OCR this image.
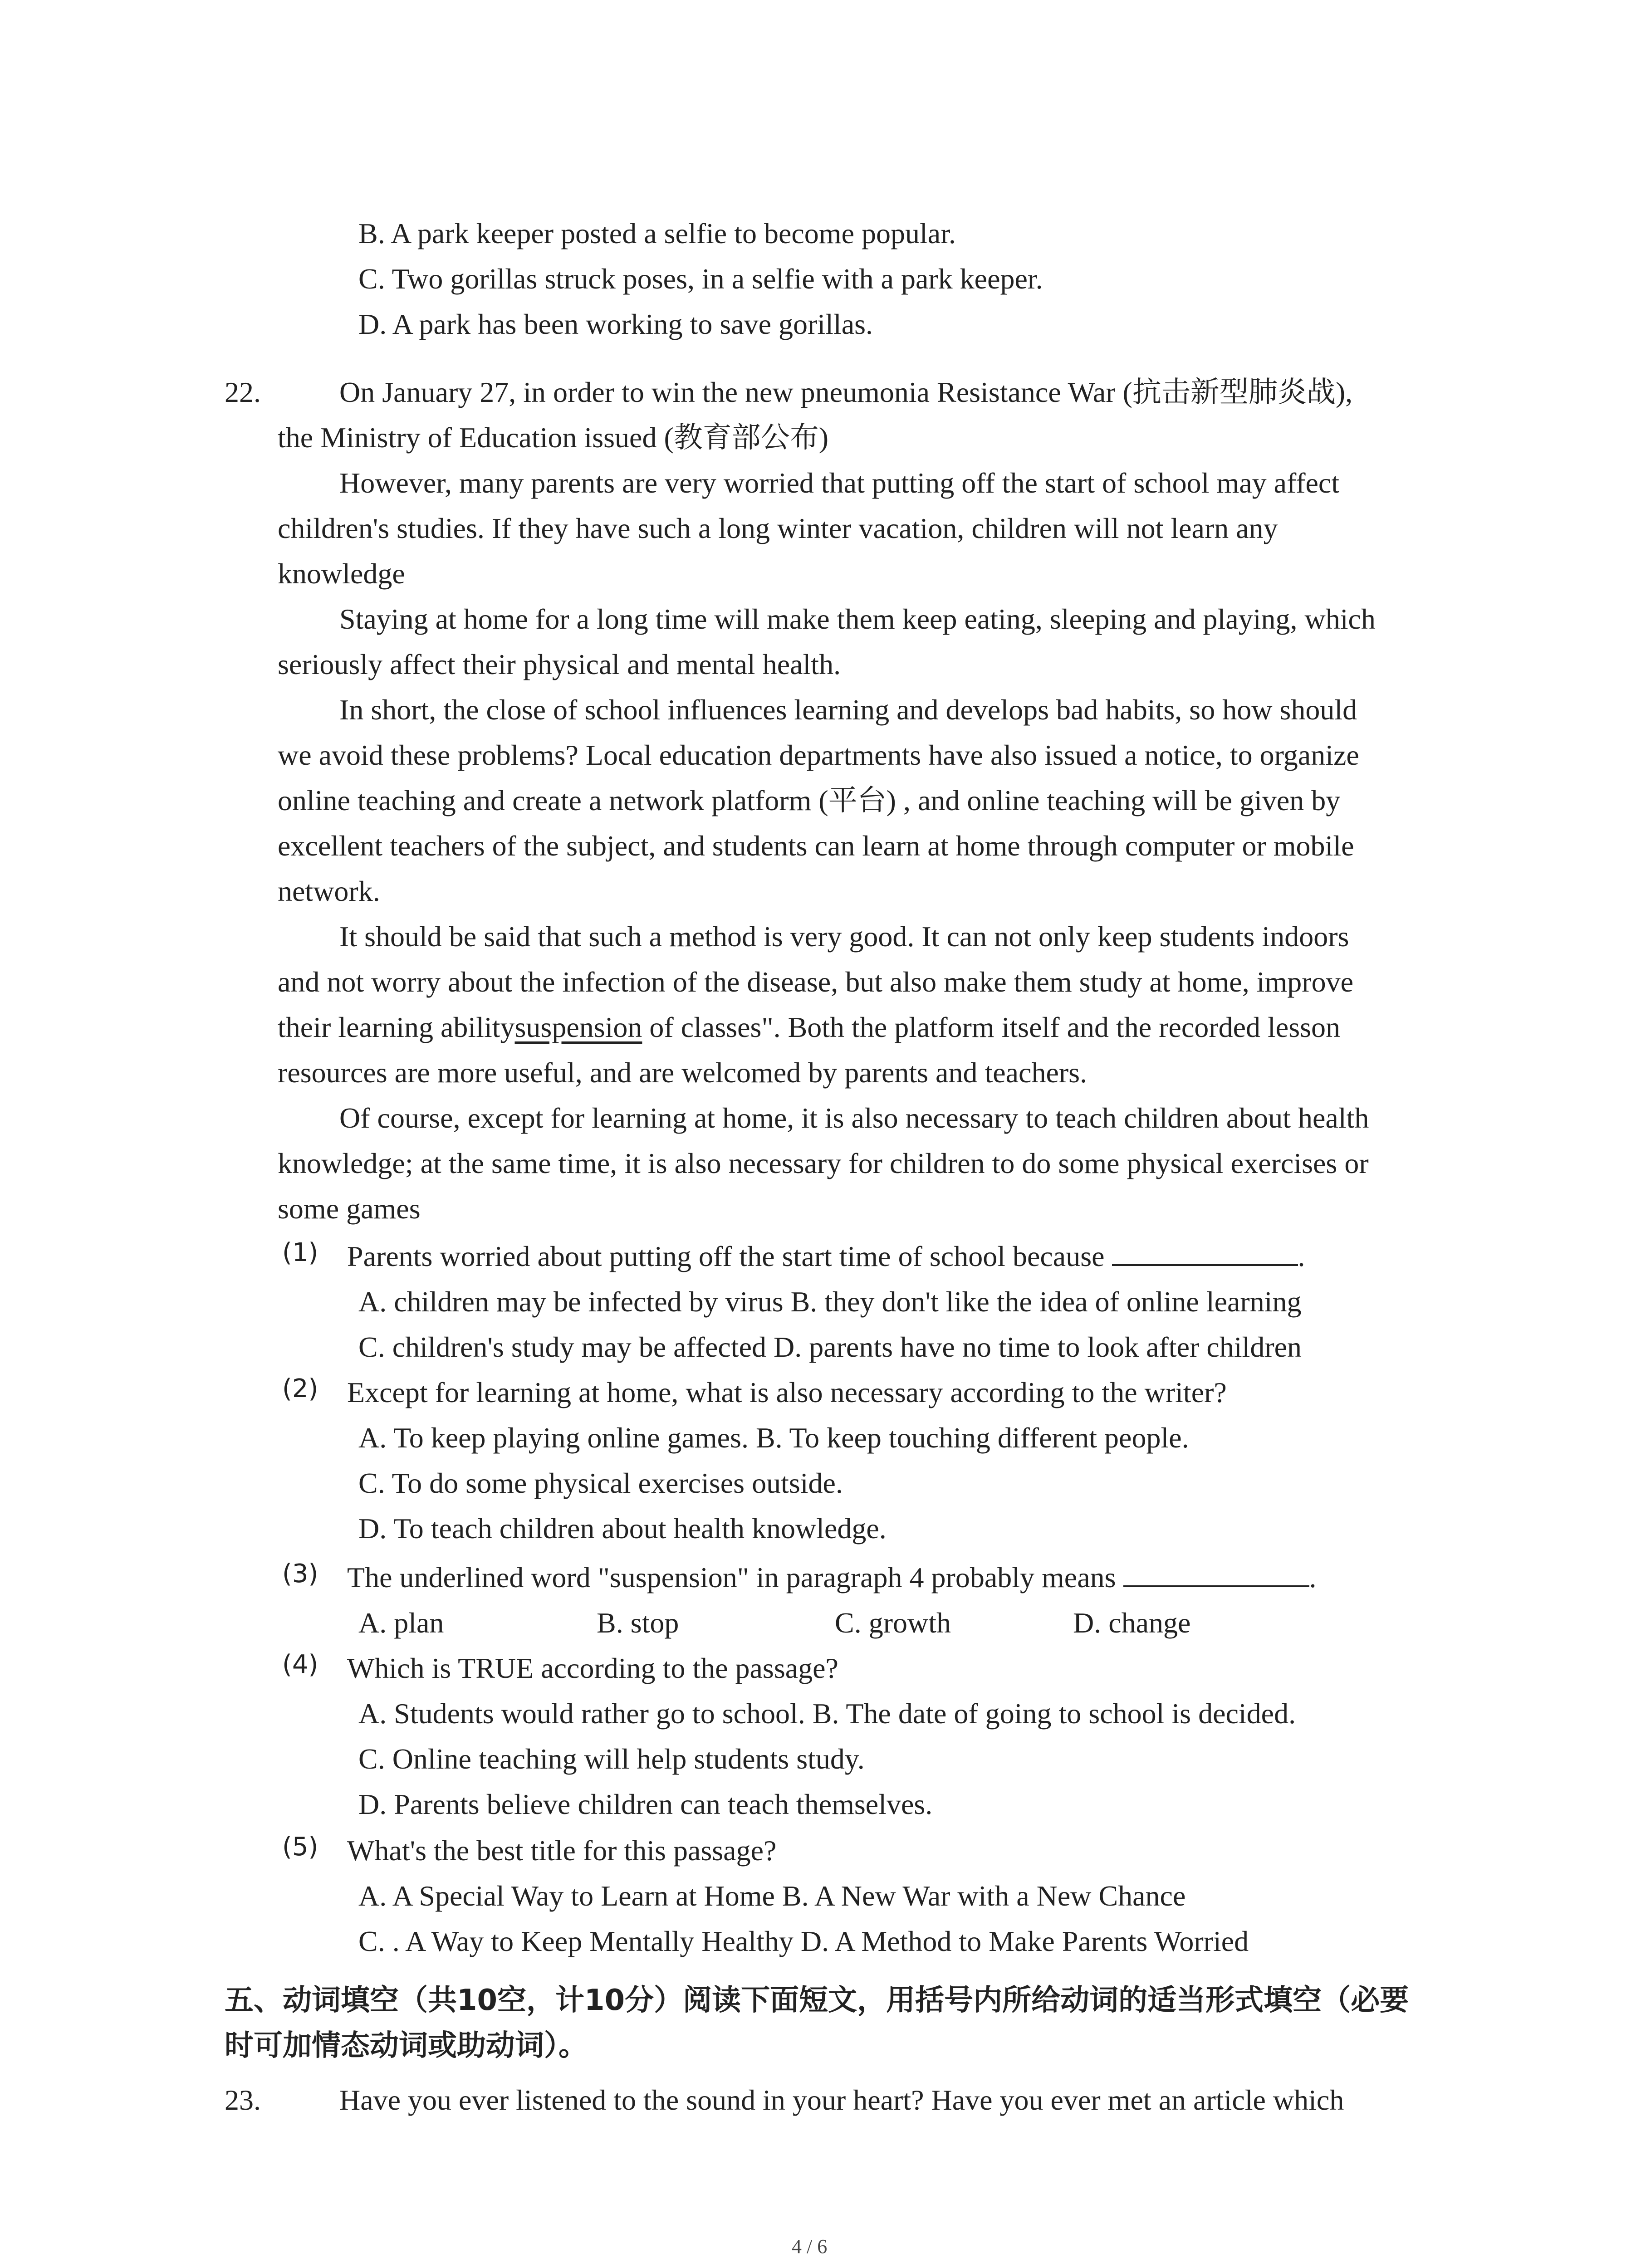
B. A park keeper posted a selfie to become popular.
C. Two gorillas struck poses, in a selfie with a park keeper.
D. A park has been working to save gorillas.
22.	On January 27, in order to win the new pneumonia Resistance War (抗击新型肺炎战),
the Ministry of Education issued (教育部公布)
However, many parents are very worried that putting off the start of school may affect
children's studies. If they have such a long winter vacation, children will not learn any
knowledge
Staying at home for a long time will make them keep eating, sleeping and playing, which
seriously affect their physical and mental health.
In short, the close of school influences learning and develops bad habits, so how should
we avoid these problems? Local education departments have also issued a notice, to organize
online teaching and create a network platform (平台) , and online teaching will be given by
excellent teachers of the subject, and students can learn at home through computer or mobile
network.
It should be said that such a method is very good. It can not only keep students indoors
and not worry about the infection of the disease, but also make them study at home, improve
their learning abilitysuspension of classes". Both the platform itself and the recorded lesson
resources are more useful, and are welcomed by parents and teachers.
Of course, except for learning at home, it is also necessary to teach children about health
knowledge; at the same time, it is also necessary for children to do some physical exercises or
some games
(1) Parents worried about putting off the start time of school because	.
A. children may be infected by virus B. they don't like the idea of online learning
C. children's study may be affected D. parents have no time to look after children
(2) Except for learning at home, what is also necessary according to the writer?
A. To keep playing online games. B. To keep touching different people.
C. To do some physical exercises outside.
D. To teach children about health knowledge.
(3) The underlined word "suspension" in paragraph 4 probably means	.
A. plan	B. stop	C. growth	D. change
(4) Which is TRUE according to the passage?
A. Students would rather go to school. B. The date of going to school is decided.
C. Online teaching will help students study.
D. Parents believe children can teach themselves.
(5) What's the best title for this passage?
A. A Special Way to Learn at Home B. A New War with a New Chance
C. . A Way to Keep Mentally Healthy D. A Method to Make Parents Worried
五、动词填空（共10空，计10分）阅读下面短文，用括号内所给动词的适当形式填空（必要
时可加情态动词或助动词）。
23.	Have you ever listened to the sound in your heart? Have you ever met an article which
4 / 6
